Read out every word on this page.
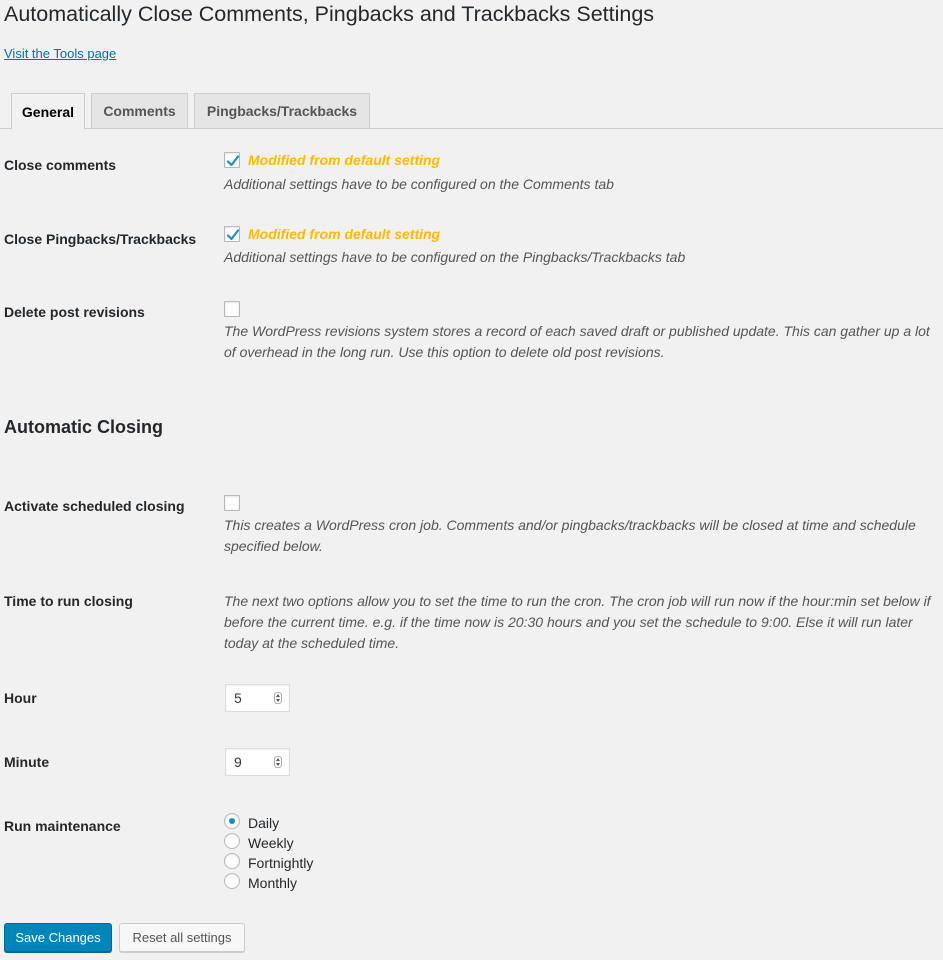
Automatically Close Comments, Pingbacks and Trackbacks Settings
Visit the Tools page
General	Comments	Pingbacks/Trackbacks
Close comments	Modified from default setting
Additional settings have to be configured on the Comments tab
Close Pingbacks/Trackbacks	Modified from default setting
Additional settings have to be configured on the Pingbacks/Trackbacks tab
Delete post revisions
The WordPress revisions system stores a record of each saved draft or published update. This can gather up a lot of overhead in the long run. Use this option to delete old post revisions.
Automatic Closing
Activate scheduled closing
This creates a WordPress cron job. Comments and/or pingbacks/trackbacks will be closed at time and schedule specified below.
Time to run closing	The next two options allow you to set the time to run the cron. The cron job will run now if the hour:min set below if before the current time. e.g. if the time now is 20:30 hours and you set the schedule to 9:00. Else it will run later today at the scheduled time.
Hour	5
Minute	9
Run maintenance	Daily
Weekly
Fortnightly
Monthly
Save Changes	Reset all settings
